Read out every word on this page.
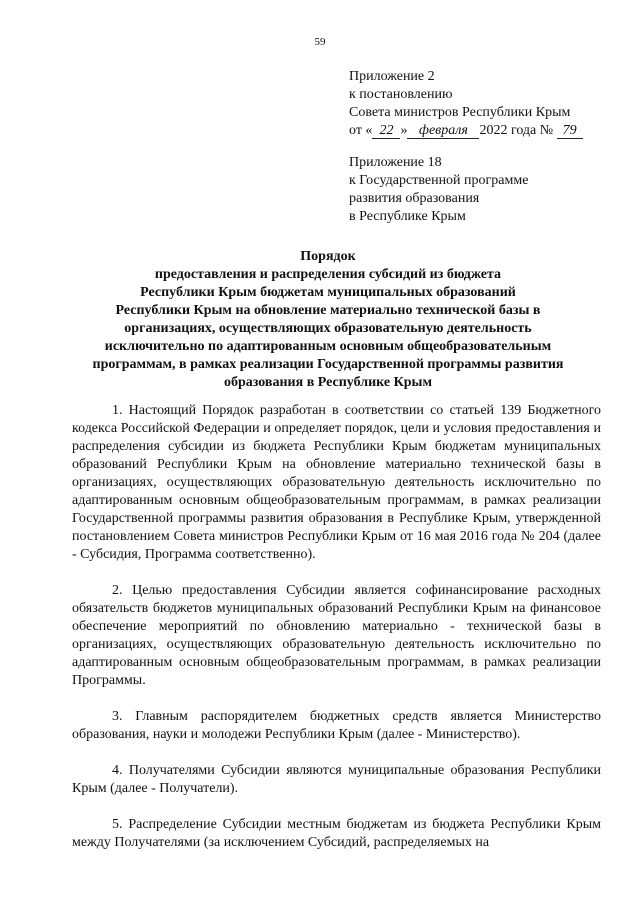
59
Приложение 2
к постановлению
Совета министров Республики Крым
от « 22 » февраля 2022 года № 79
Приложение 18
к Государственной программе
развития образования
в Республике Крым
Порядок
предоставления и распределения субсидий из бюджета
Республики Крым бюджетам муниципальных образований
Республики Крым на обновление материально технической базы в
организациях, осуществляющих образовательную деятельность
исключительно по адаптированным основным общеобразовательным
программам, в рамках реализации Государственной программы развития
образования в Республике Крым

1. Настоящий Порядок разработан в соответствии со статьей 139 Бюджетного кодекса Российской Федерации и определяет порядок, цели и условия предоставления и распределения субсидии из бюджета Республики Крым бюджетам муниципальных образований Республики Крым на обновление материально технической базы в организациях, осуществляющих образовательную деятельность исключительно по адаптированным основным общеобразовательным программам, в рамках реализации Государственной программы развития образования в Республике Крым, утвержденной постановлением Совета министров Республики Крым от 16 мая 2016 года № 204 (далее - Субсидия, Программа соответственно).

2. Целью предоставления Субсидии является софинансирование расходных обязательств бюджетов муниципальных образований Республики Крым на финансовое обеспечение мероприятий по обновлению материально - технической базы в организациях, осуществляющих образовательную деятельность исключительно по адаптированным основным общеобразовательным программам, в рамках реализации Программы.

3. Главным распорядителем бюджетных средств является Министерство образования, науки и молодежи Республики Крым (далее - Министерство).

4. Получателями Субсидии являются муниципальные образования Республики Крым (далее - Получатели).

5. Распределение Субсидии местным бюджетам из бюджета Республики Крым между Получателями (за исключением Субсидий, распределяемых на
